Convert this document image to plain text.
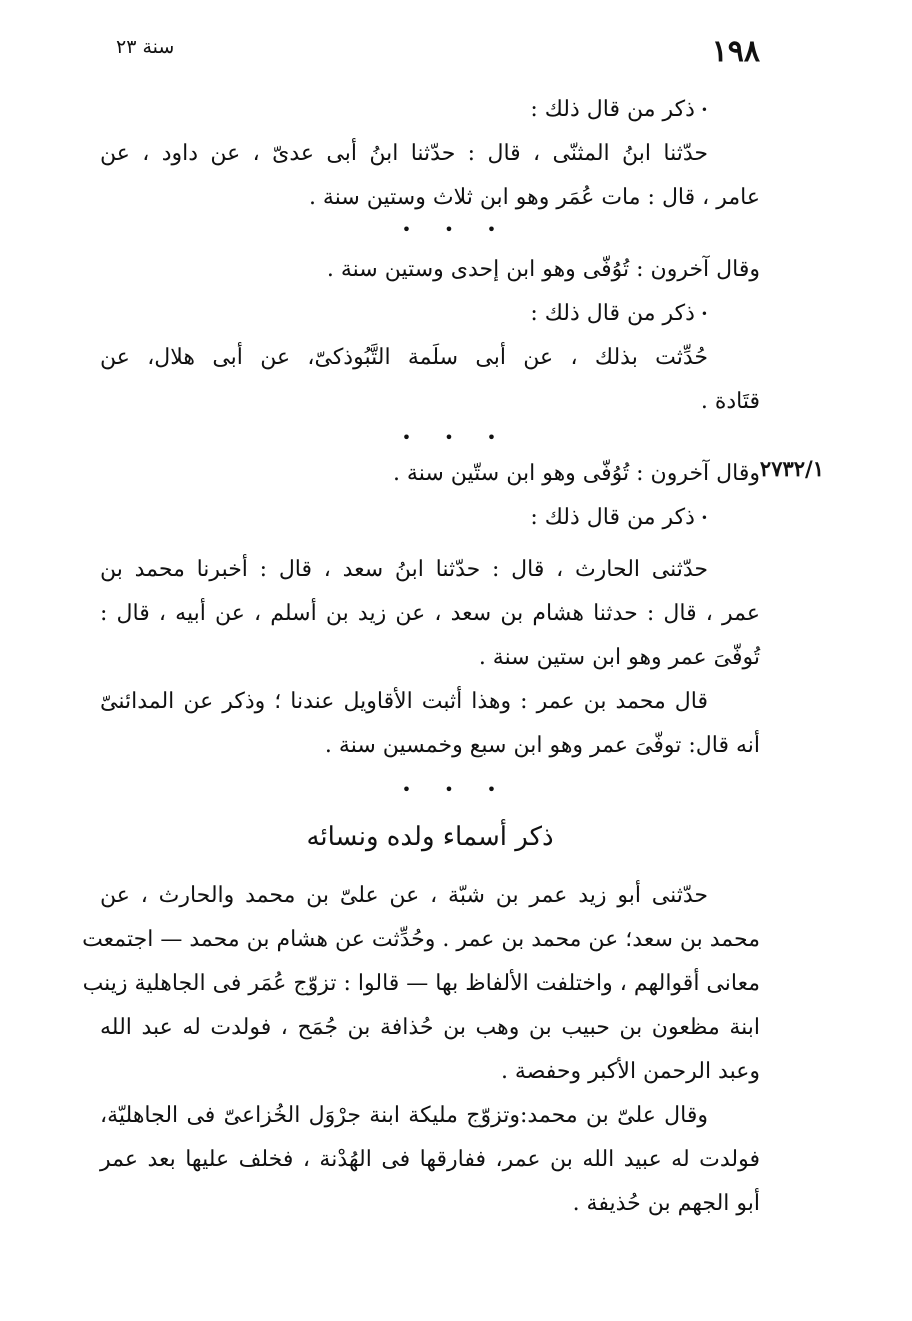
١٩٨
سنة ٢٣
٢٧٣٢/١
•ذكر من قال ذلك :
حدّثنا ابنُ المثنّى ، قال : حدّثنا ابنُ أبى عدىّ ، عن داود ، عن
عامر ، قال : مات عُمَر وهو ابن ثلاث وستين سنة .
• • •
وقال آخرون : تُوُفّى وهو ابن إحدى وستين سنة .
•ذكر من قال ذلك :
حُدِّثت بذلك ، عن أبى سلَمة التَّبُوذكىّ، عن أبى هلال، عن
قتَادة .
• • •
وقال آخرون : تُوُفّى وهو ابن ستّين سنة .
•ذكر من قال ذلك :
حدّثنى الحارث ، قال : حدّثنا ابنُ سعد ، قال : أخبرنا محمد بن
عمر ، قال : حدثنا هشام بن سعد ، عن زيد بن أسلم ، عن أبيه ، قال :
تُوفّىَ عمر وهو ابن ستين سنة .
قال محمد بن عمر : وهذا أثبت الأقاويل عندنا ؛ وذكر عن المدائنىّ
أنه قال: توفّىَ عمر وهو ابن سبع وخمسين سنة .
• • •
ذكر أسماء ولده ونسائه
حدّثنى أبو زيد عمر بن شبّة ، عن علىّ بن محمد والحارث ، عن
محمد بن سعد؛ عن محمد بن عمر . وحُدِّثت عن هشام بن محمد — اجتمعت
معانى أقوالهم ، واختلفت الألفاظ بها — قالوا : تزوّج عُمَر فى الجاهلية زينب
ابنة مظعون بن حبيب بن وهب بن حُذافة بن جُمَح ، فولدت له عبد الله
وعبد الرحمن الأكبر وحفصة .
وقال علىّ بن محمد:وتزوّج مليكة ابنة جرْوَل الخُزاعىّ فى الجاهليّة،
فولدت له عبيد الله بن عمر، ففارقها فى الهُدْنة ، فخلف عليها بعد عمر
أبو الجهم بن حُذيفة .
